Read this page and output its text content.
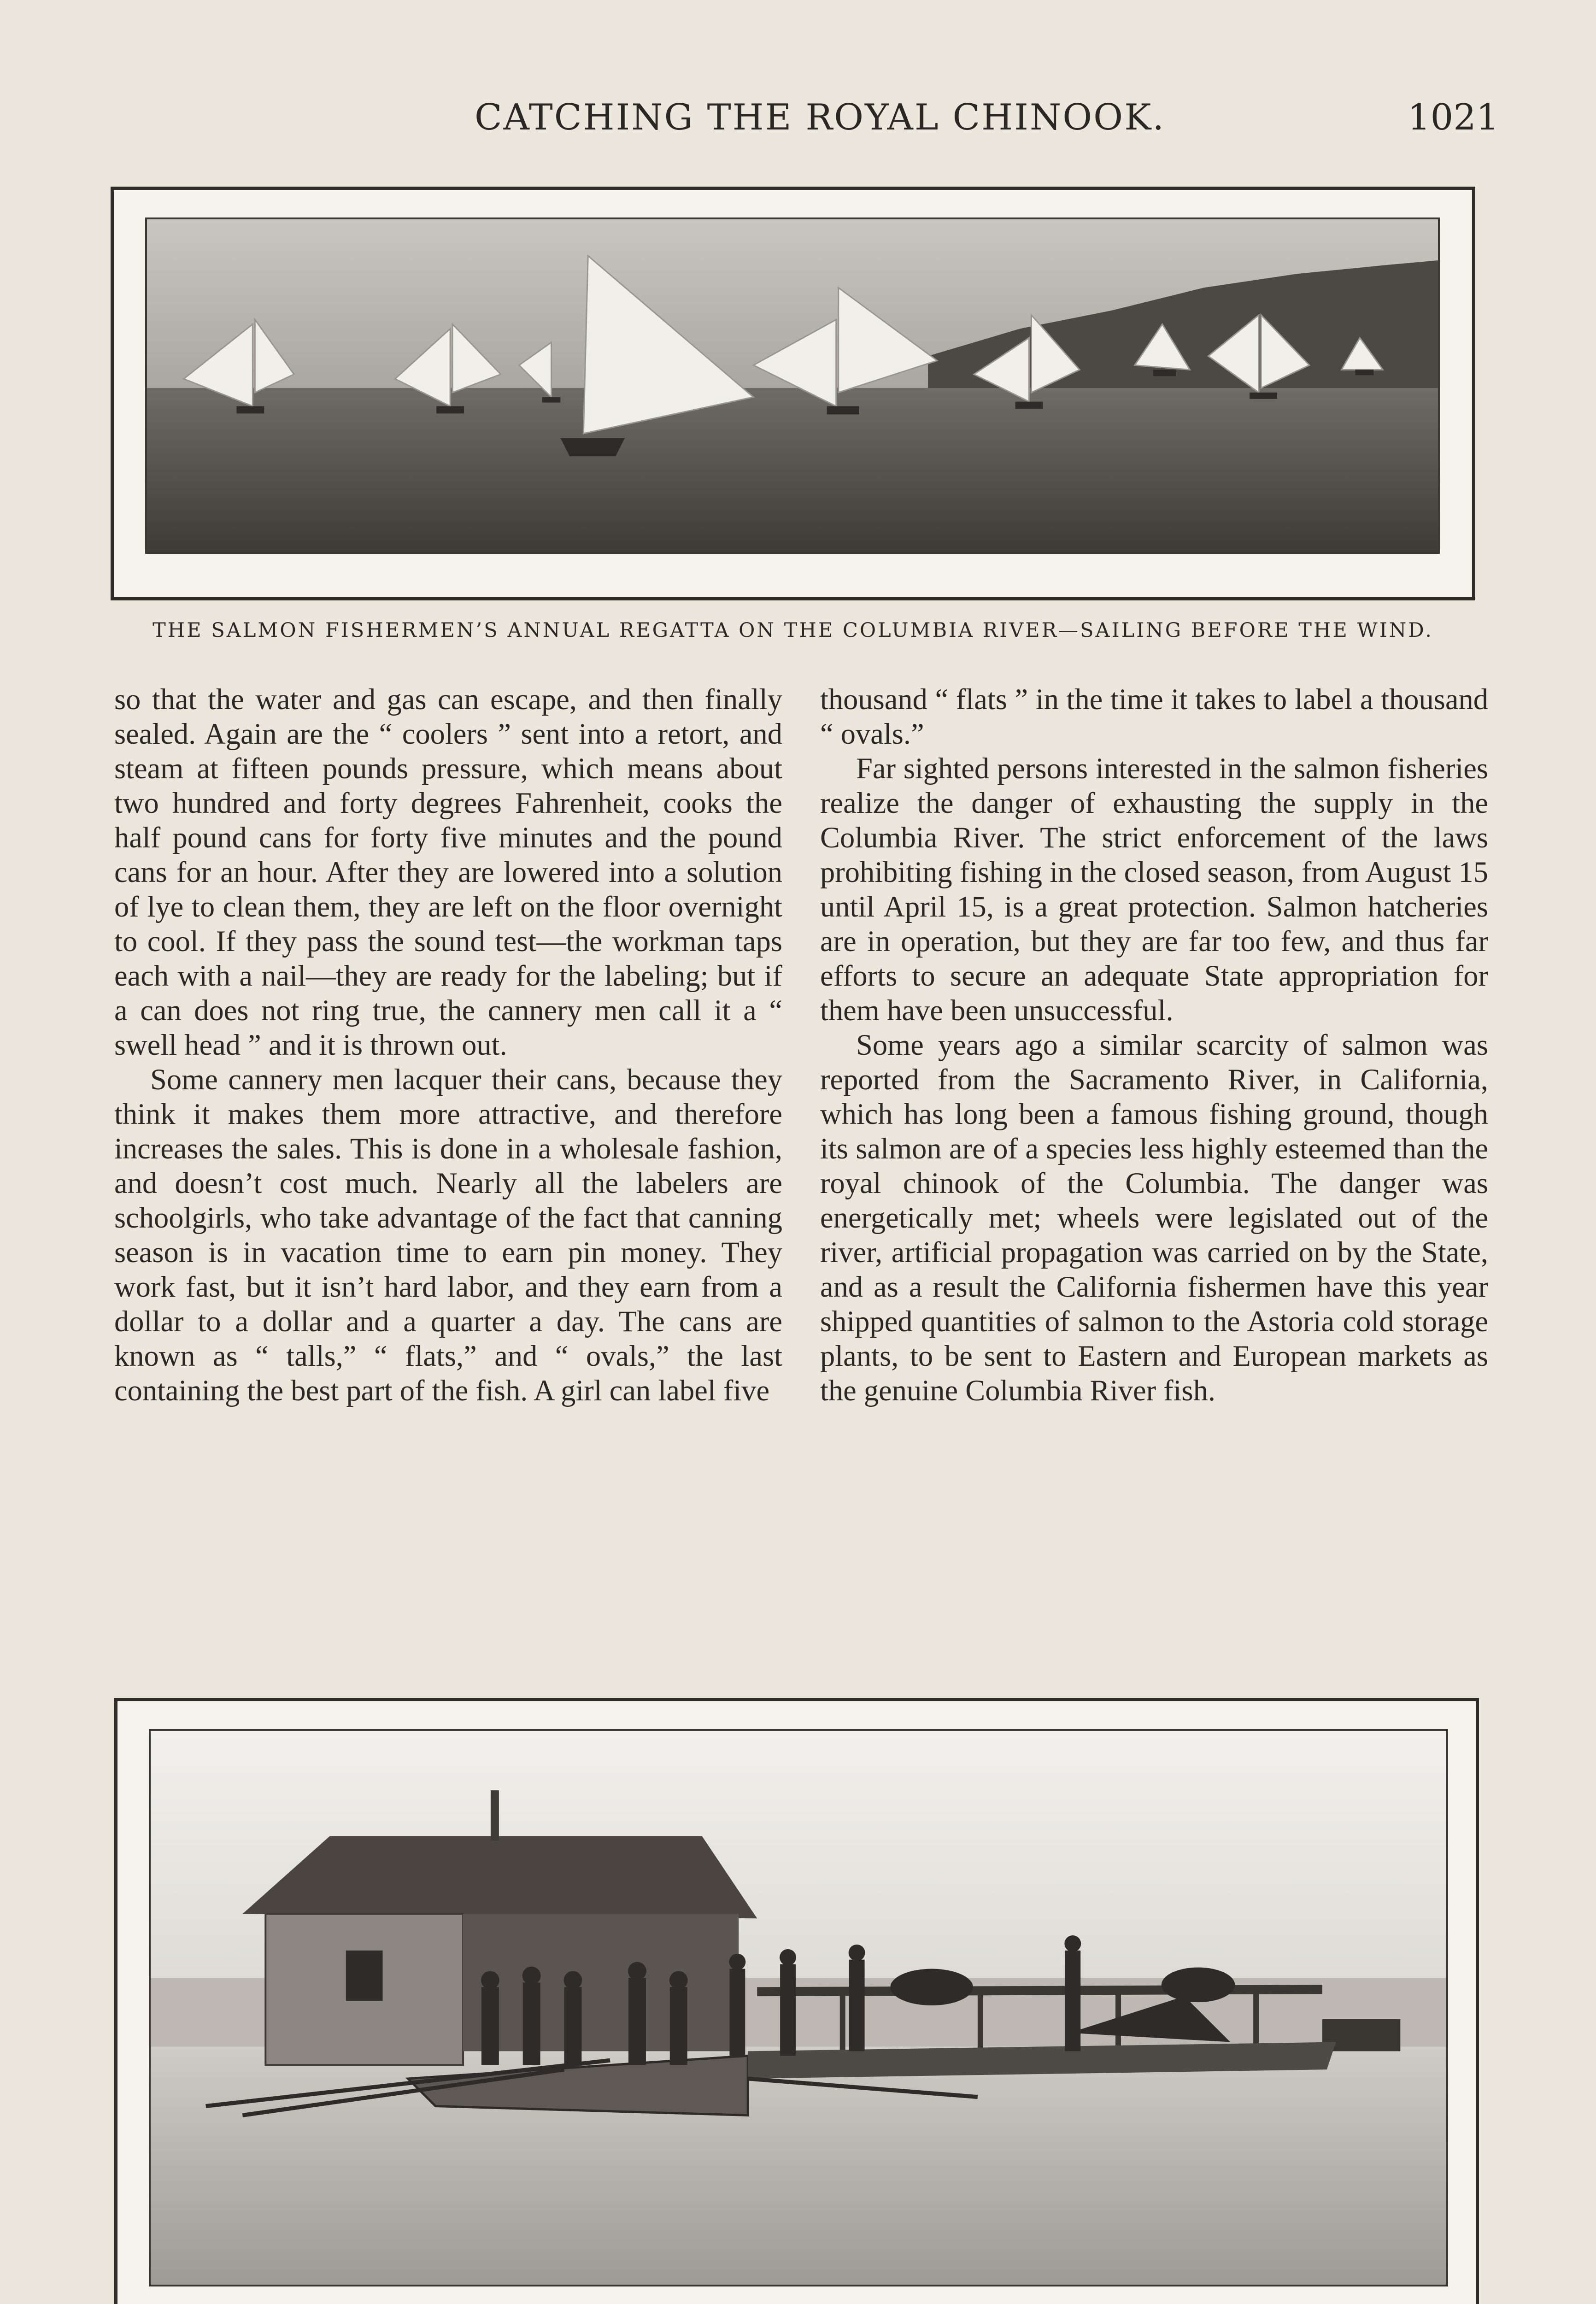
CATCHING THE ROYAL CHINOOK.	1021
THE SALMON FISHERMEN’S ANNUAL REGATTA ON THE COLUMBIA RIVER—SAILING BEFORE THE WIND.

so that the water and gas can escape, and then finally sealed. Again are the “ coolers ” sent into a retort, and steam at fifteen pounds pressure, which means about two hundred and forty degrees Fahrenheit, cooks the half pound cans for forty five minutes and the pound cans for an hour. After they are lowered into a solution of lye to clean them, they are left on the floor overnight to cool. If they pass the sound test—the workman taps each with a nail—they are ready for the labeling; but if a can does not ring true, the cannery men call it a “ swell head ” and it is thrown out.

Some cannery men lacquer their cans, because they think it makes them more attractive, and therefore increases the sales. This is done in a wholesale fashion, and doesn’t cost much. Nearly all the labelers are schoolgirls, who take advantage of the fact that canning season is in vacation time to earn pin money. They work fast, but it isn’t hard labor, and they earn from a dollar to a dollar and a quarter a day. The cans are known as “ talls,” “ flats,” and “ ovals,” the last containing the best part of the fish. A girl can label five

thousand “ flats ” in the time it takes to label a thousand “ ovals.”

Far sighted persons interested in the salmon fisheries realize the danger of exhausting the supply in the Columbia River. The strict enforcement of the laws prohibiting fishing in the closed season, from August 15 until April 15, is a great protection. Salmon hatcheries are in operation, but they are far too few, and thus far efforts to secure an adequate State appropriation for them have been unsuccessful.

Some years ago a similar scarcity of salmon was reported from the Sacramento River, in California, which has long been a famous fishing ground, though its salmon are of a species less highly esteemed than the royal chinook of the Columbia. The danger was energetically met; wheels were legislated out of the river, artificial propagation was carried on by the State, and as a result the California fishermen have this year shipped quantities of salmon to the Astoria cold storage plants, to be sent to Eastern and European markets as the genuine Columbia River fish.
